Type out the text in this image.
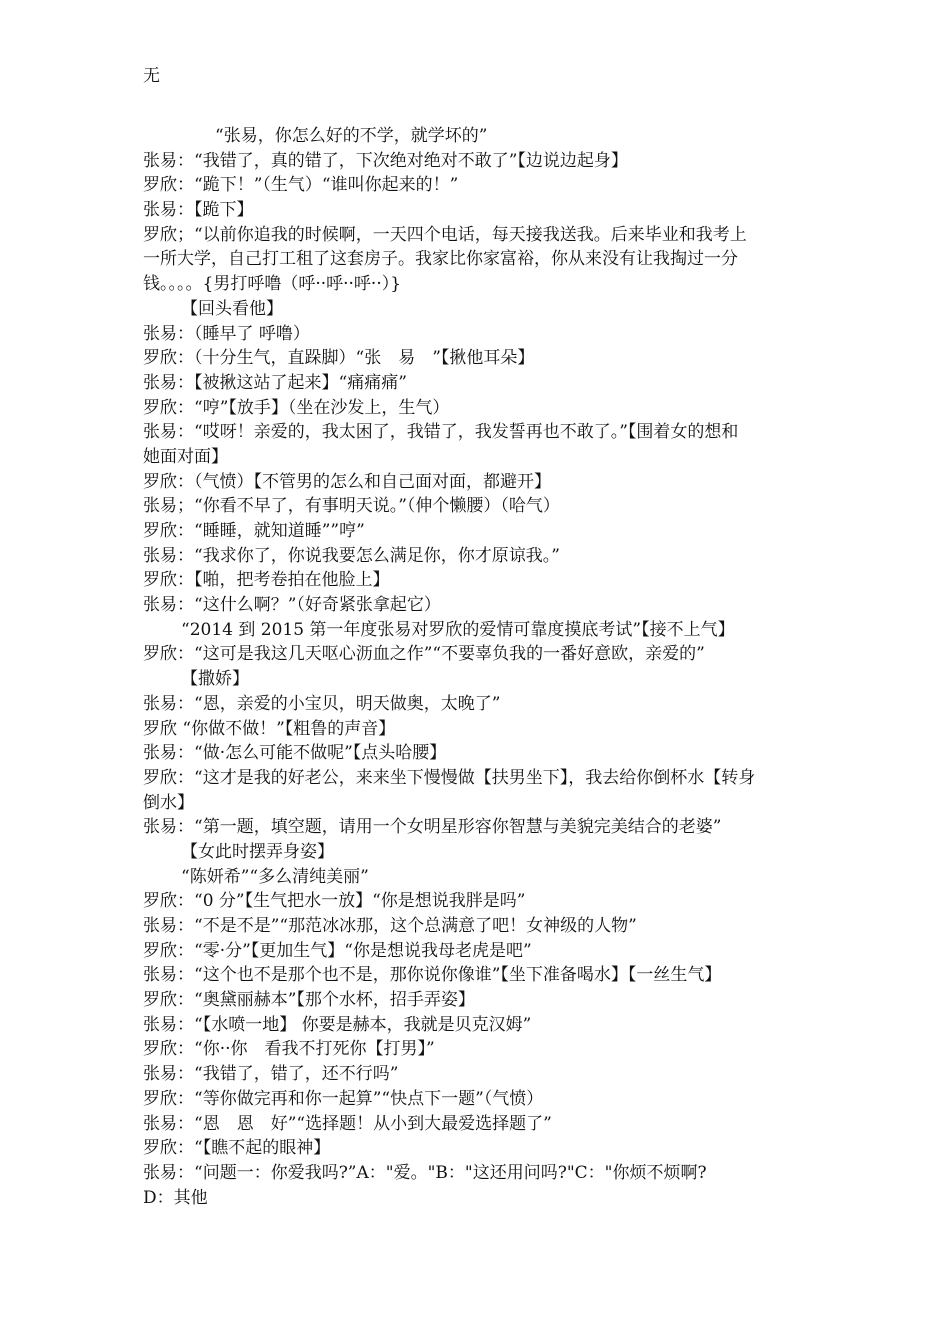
无
“张易，你怎么好的不学，就学坏的”
张易：“我错了，真的错了，下次绝对绝对不敢了”【边说边起身】
罗欣：“跪下！”（生气）“谁叫你起来的！”
张易：【跪下】
罗欣；“以前你追我的时候啊，一天四个电话，每天接我送我。后来毕业和我考上
一所大学，自己打工租了这套房子。我家比你家富裕，你从来没有让我掏过一分
钱。。。。{男打呼噜（呼··呼··呼··）}
【回头看他】
张易：（睡早了 呼噜）
罗欣：（十分生气，直跺脚）“张　易　”【揪他耳朵】
张易：【被揪这站了起来】“痛痛痛”
罗欣：“哼”【放手】（坐在沙发上，生气）
张易：“哎呀！亲爱的，我太困了，我错了，我发誓再也不敢了。”【围着女的想和
她面对面】
罗欣：（气愤）【不管男的怎么和自己面对面，都避开】
张易；“你看不早了，有事明天说。”（伸个懒腰）（哈气）
罗欣：“睡睡，就知道睡””哼”
张易：“我求你了，你说我要怎么满足你，你才原谅我。”
罗欣：【啪，把考卷拍在他脸上】
张易：“这什么啊？”（好奇紧张拿起它）
“2014 到 2015 第一年度张易对罗欣的爱情可靠度摸底考试”【接不上气】
罗欣：“这可是我这几天呕心沥血之作”“不要辜负我的一番好意欧，亲爱的”
【撒娇】
张易：“恩，亲爱的小宝贝，明天做奥，太晚了”
罗欣 “你做不做！”【粗鲁的声音】
张易：“做·怎么可能不做呢”【点头哈腰】
罗欣：“这才是我的好老公，来来坐下慢慢做【扶男坐下】，我去给你倒杯水【转身
倒水】
张易：“第一题，填空题，请用一个女明星形容你智慧与美貌完美结合的老婆”
【女此时摆弄身姿】
“陈妍希”“多么清纯美丽”
罗欣：“0 分”【生气把水一放】“你是想说我胖是吗”
张易：“不是不是”“那范冰冰那，这个总满意了吧！女神级的人物”
罗欣：“零·分”【更加生气】“你是想说我母老虎是吧”
张易：“这个也不是那个也不是，那你说你像谁”【坐下准备喝水】【一丝生气】
罗欣：“奥黛丽赫本”【那个水杯，招手弄姿】
张易：“【水喷一地】 你要是赫本，我就是贝克汉姆”
罗欣：“你··你　看我不打死你【打男】”
张易：“我错了，错了，还不行吗”
罗欣：“等你做完再和你一起算”“快点下一题”（气愤）
张易：“恩　恩　好”“选择题！从小到大最爱选择题了”
罗欣：“【瞧不起的眼神】
张易：“问题一：你爱我吗?”A："爱。"B："这还用问吗?"C："你烦不烦啊?
D：其他
